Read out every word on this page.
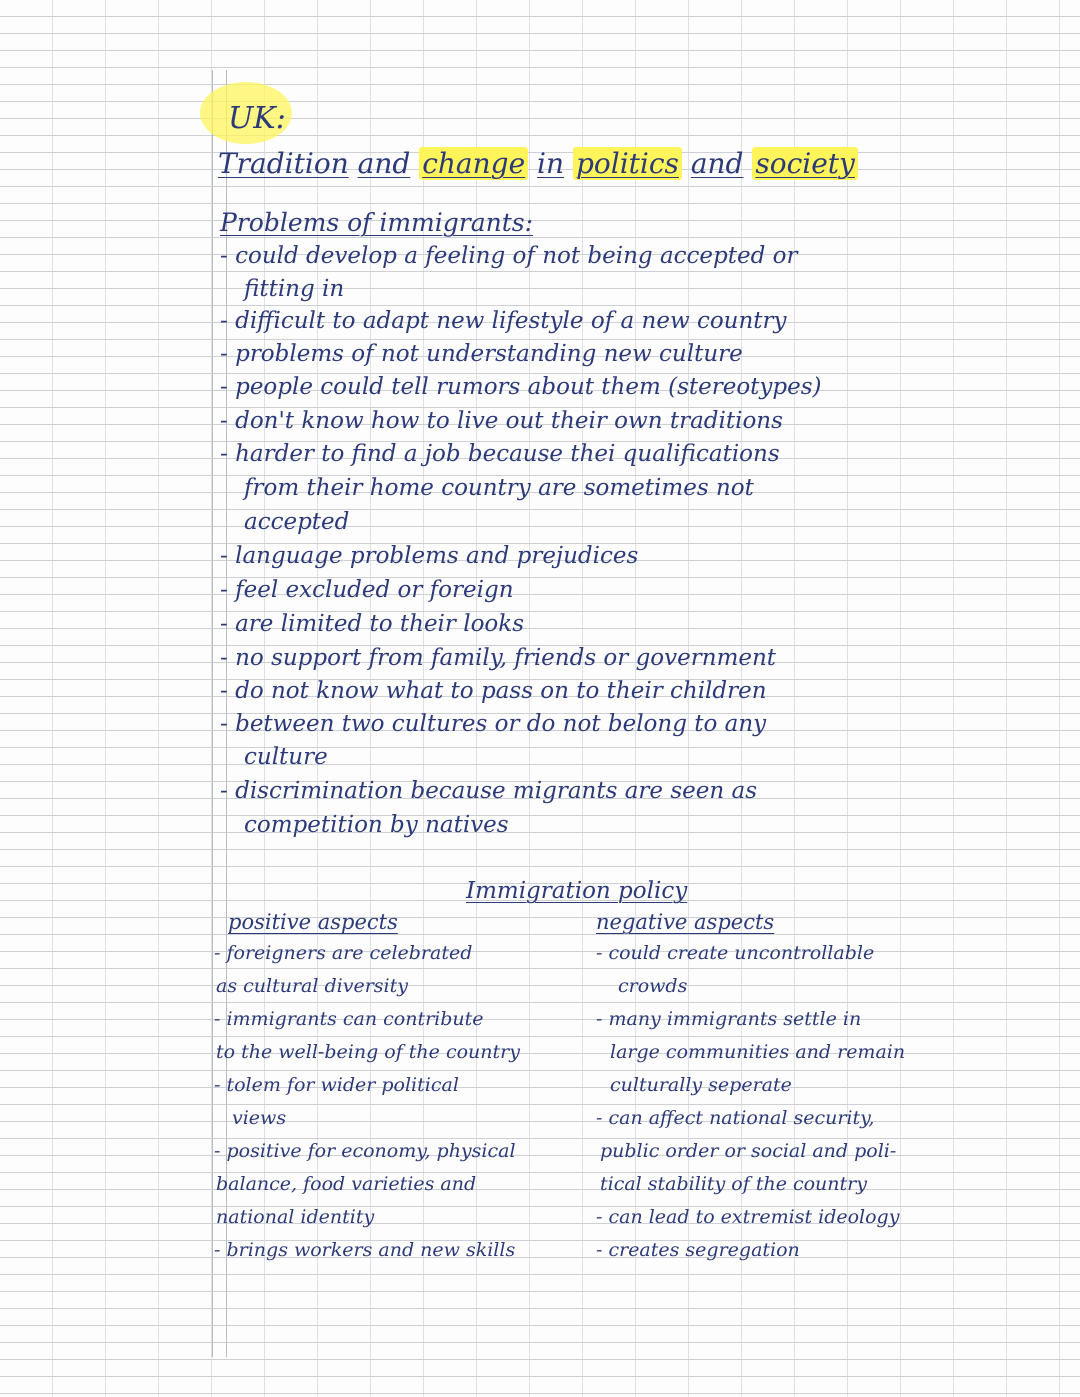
UK:
Tradition and change in politics and society
Problems of immigrants:
- could develop a feeling of not being accepted or
fitting in
- difficult to adapt new lifestyle of a new country
- problems of not understanding new culture
- people could tell rumors about them (stereotypes)
- don't know how to live out their own traditions
- harder to find a job because thei qualifications
from their home country are sometimes not
accepted
- language problems and prejudices
- feel excluded or foreign
- are limited to their looks
- no support from family, friends or government
- do not know what to pass on to their children
- between two cultures or do not belong to any
culture
- discrimination because migrants are seen as
competition by natives
Immigration policy
positive aspects
- foreigners are celebrated
as cultural diversity
- immigrants can contribute
to the well-being of the country
- tolem for wider political
views
- positive for economy, physical
balance, food varieties and
national identity
- brings workers and new skills
negative aspects
- could create uncontrollable
crowds
- many immigrants settle in
large communities and remain
culturally seperate
- can affect national security,
public order or social and poli-
tical stability of the country
- can lead to extremist ideology
- creates segregation
